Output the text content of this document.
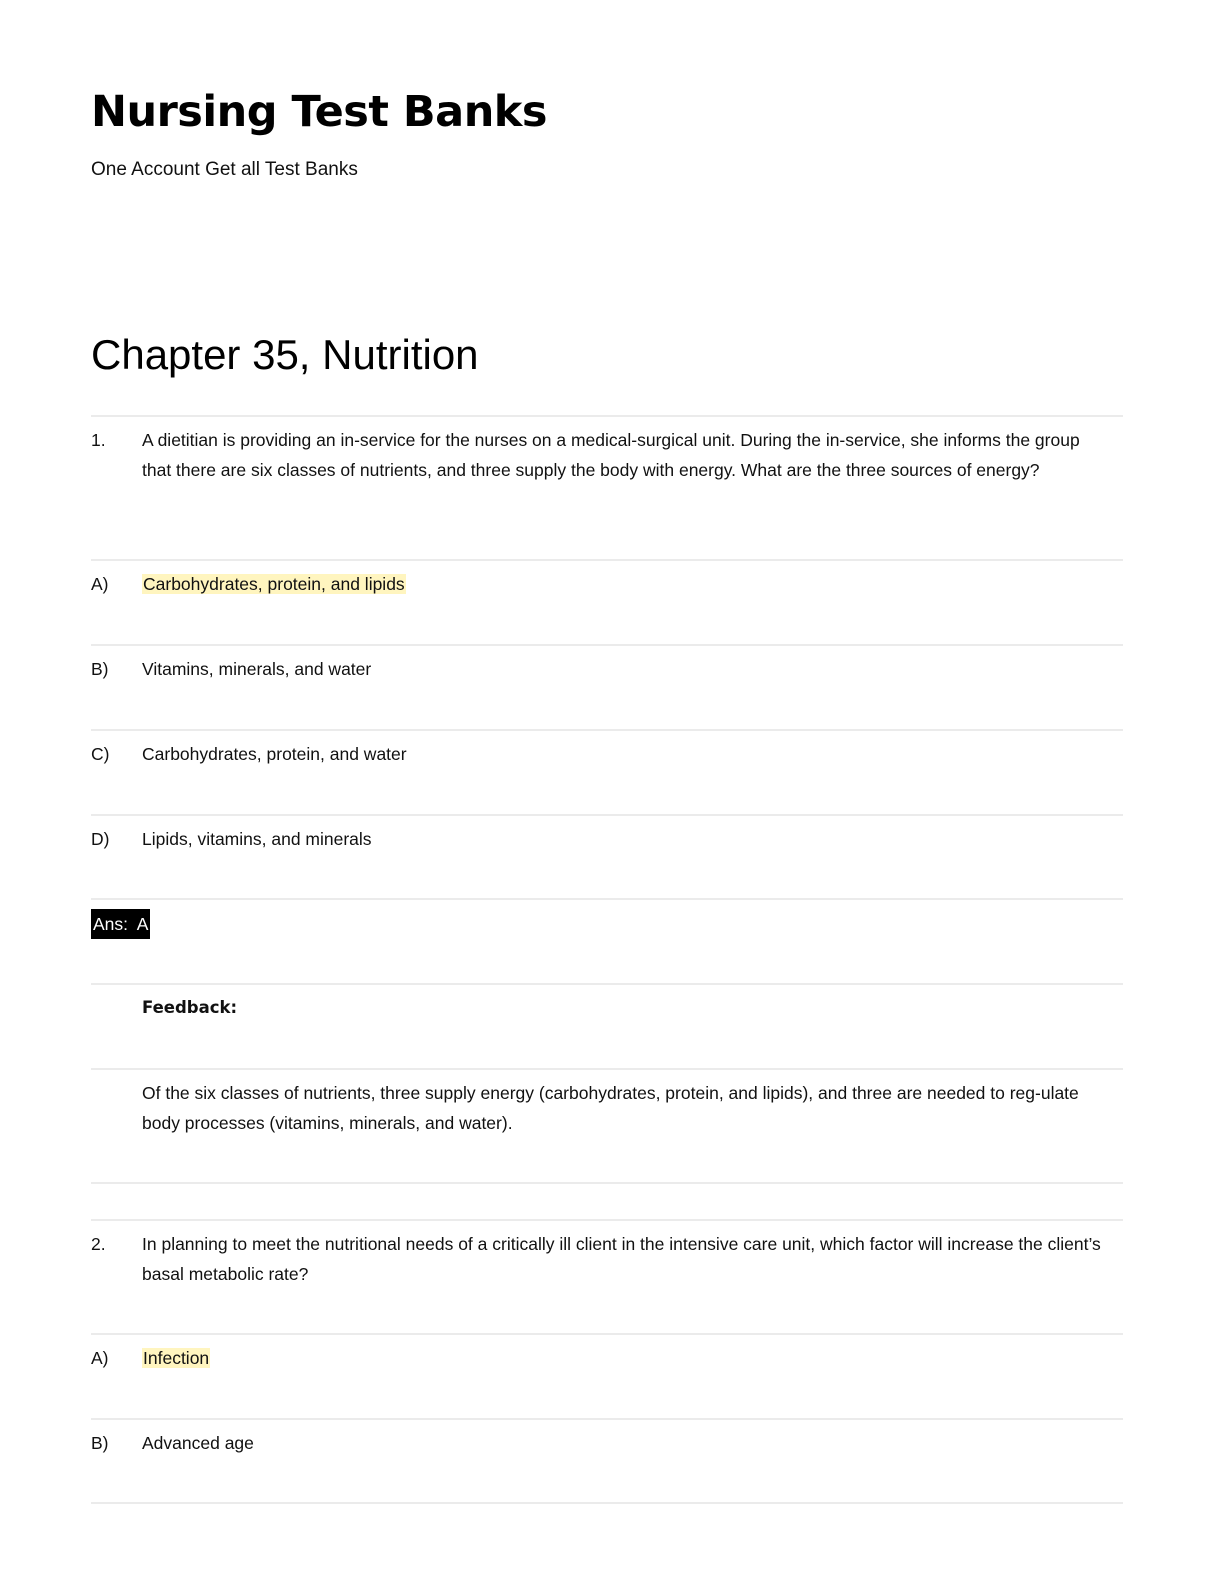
Nursing Test Banks

One Account Get all Test Banks

Chapter 35, Nutrition
1. A dietitian is providing an in-service for the nurses on a medical-surgical unit. During the in-service, she informs the group that there are six classes of nutrients, and three supply the body with energy. What are the three sources of energy?
A) Carbohydrates, protein, and lipids
B) Vitamins, minerals, and water
C) Carbohydrates, protein, and water
D) Lipids, vitamins, and minerals
Ans:  A
Feedback:
Of the six classes of nutrients, three supply energy (carbohydrates, protein, and lipids), and three are needed to reg-ulate body processes (vitamins, minerals, and water).
2. In planning to meet the nutritional needs of a critically ill client in the intensive care unit, which factor will increase the client’s basal metabolic rate?
A) Infection
B) Advanced age
